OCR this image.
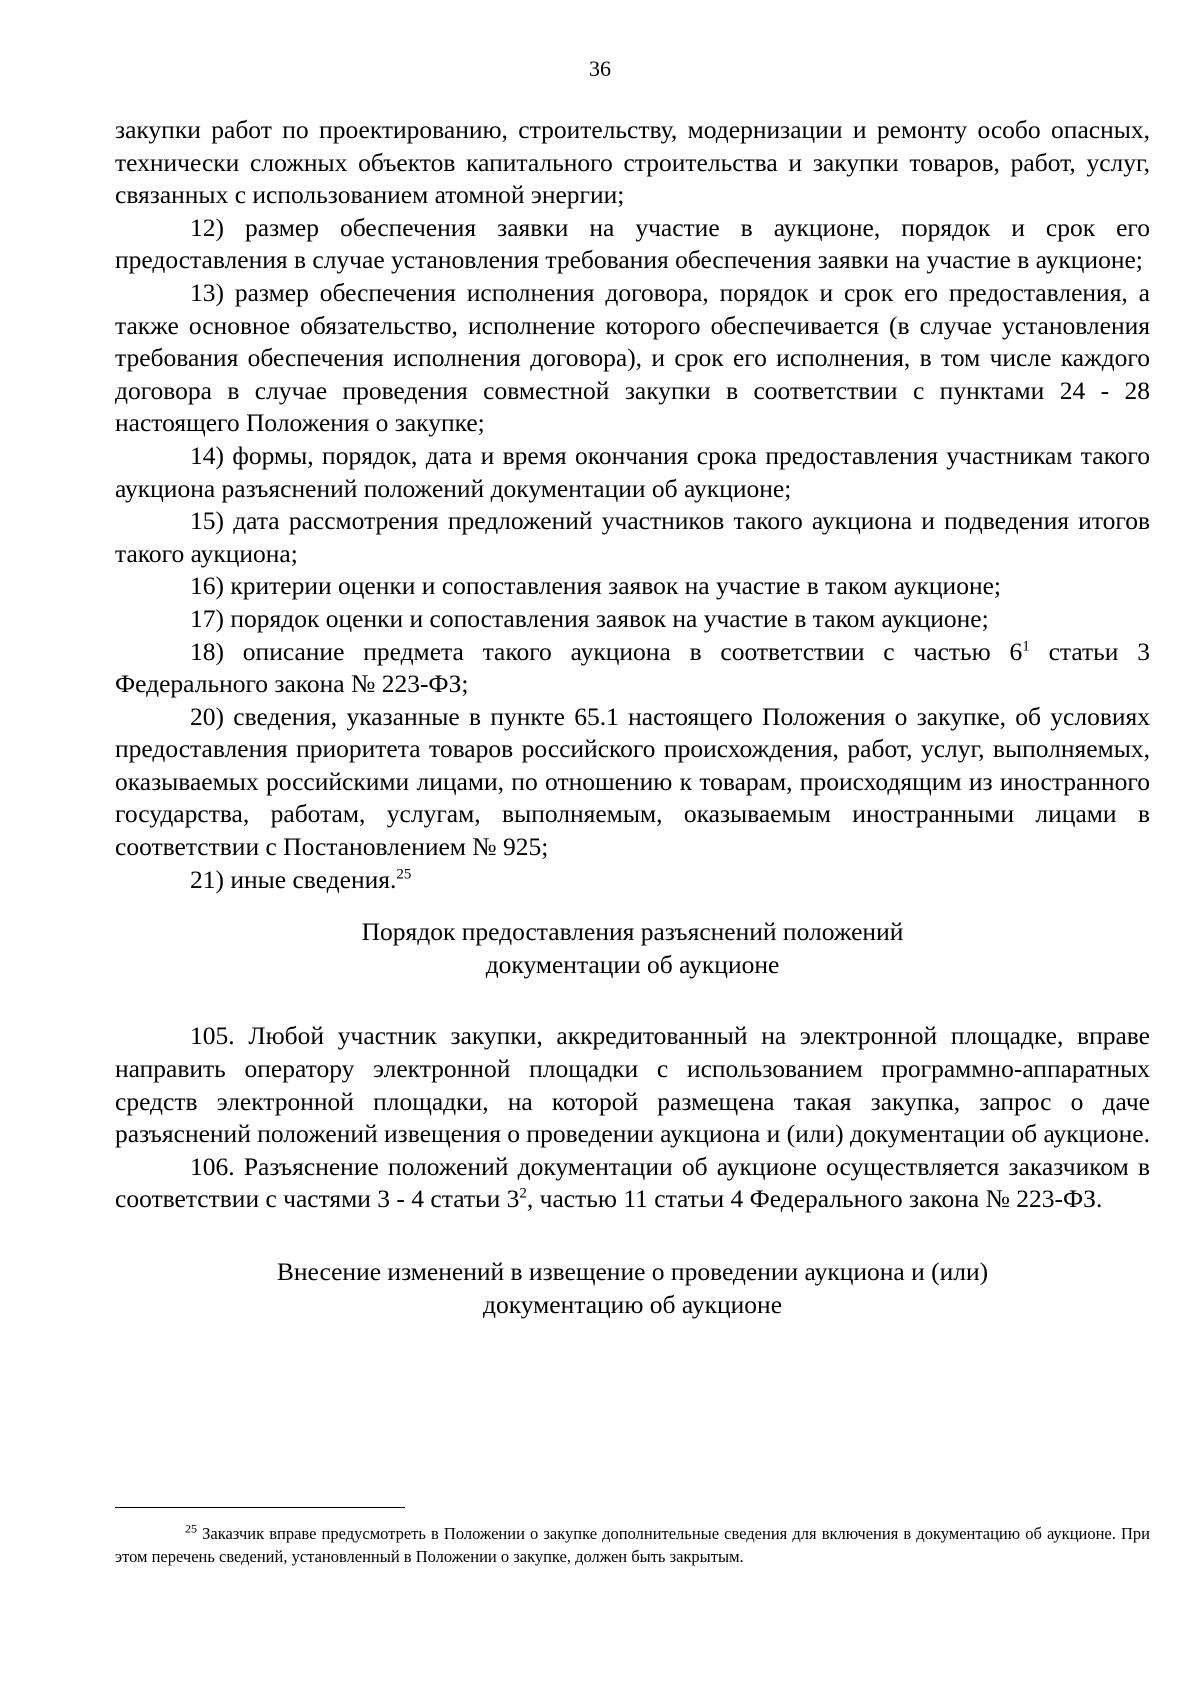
36

закупки работ по проектированию, строительству, модернизации и ремонту особо опасных, технически сложных объектов капитального строительства и закупки товаров, работ, услуг, связанных с использованием атомной энергии;

12) размер обеспечения заявки на участие в аукционе, порядок и срок его предоставления в случае установления требования обеспечения заявки на участие в аукционе;

13) размер обеспечения исполнения договора, порядок и срок его предоставления, а также основное обязательство, исполнение которого обеспечивается (в случае установления требования обеспечения исполнения договора), и срок его исполнения, в том числе каждого договора в случае проведения совместной закупки в соответствии с пунктами 24 - 28 настоящего Положения о закупке;

14) формы, порядок, дата и время окончания срока предоставления участникам такого аукциона разъяснений положений документации об аукционе;

15) дата рассмотрения предложений участников такого аукциона и подведения итогов такого аукциона;

16) критерии оценки и сопоставления заявок на участие в таком аукционе;

17) порядок оценки и сопоставления заявок на участие в таком аукционе;

18) описание предмета такого аукциона в соответствии с частью $6^1$ статьи 3 Федерального закона № 223-ФЗ;

20) сведения, указанные в пункте 65.1 настоящего Положения о закупке, об условиях предоставления приоритета товаров российского происхождения, работ, услуг, выполняемых, оказываемых российскими лицами, по отношению к товарам, происходящим из иностранного государства, работам, услугам, выполняемым, оказываемым иностранными лицами в соответствии с Постановлением № 925;

21) иные сведения.$^{25}$

Порядок предоставления разъяснений положений
документации об аукционе

105. Любой участник закупки, аккредитованный на электронной площадке, вправе направить оператору электронной площадки с использованием программно-аппаратных средств электронной площадки, на которой размещена такая закупка, запрос о даче разъяснений положений извещения о проведении аукциона и (или) документации об аукционе.

106. Разъяснение положений документации об аукционе осуществляется заказчиком в соответствии с частями 3 - 4 статьи $3^2$, частью 11 статьи 4 Федерального закона № 223-ФЗ.

Внесение изменений в извещение о проведении аукциона и (или)
документацию об аукционе
$^{25}$ Заказчик вправе предусмотреть в Положении о закупке дополнительные сведения для включения в документацию об аукционе. При этом перечень сведений, установленный в Положении о закупке, должен быть закрытым.
